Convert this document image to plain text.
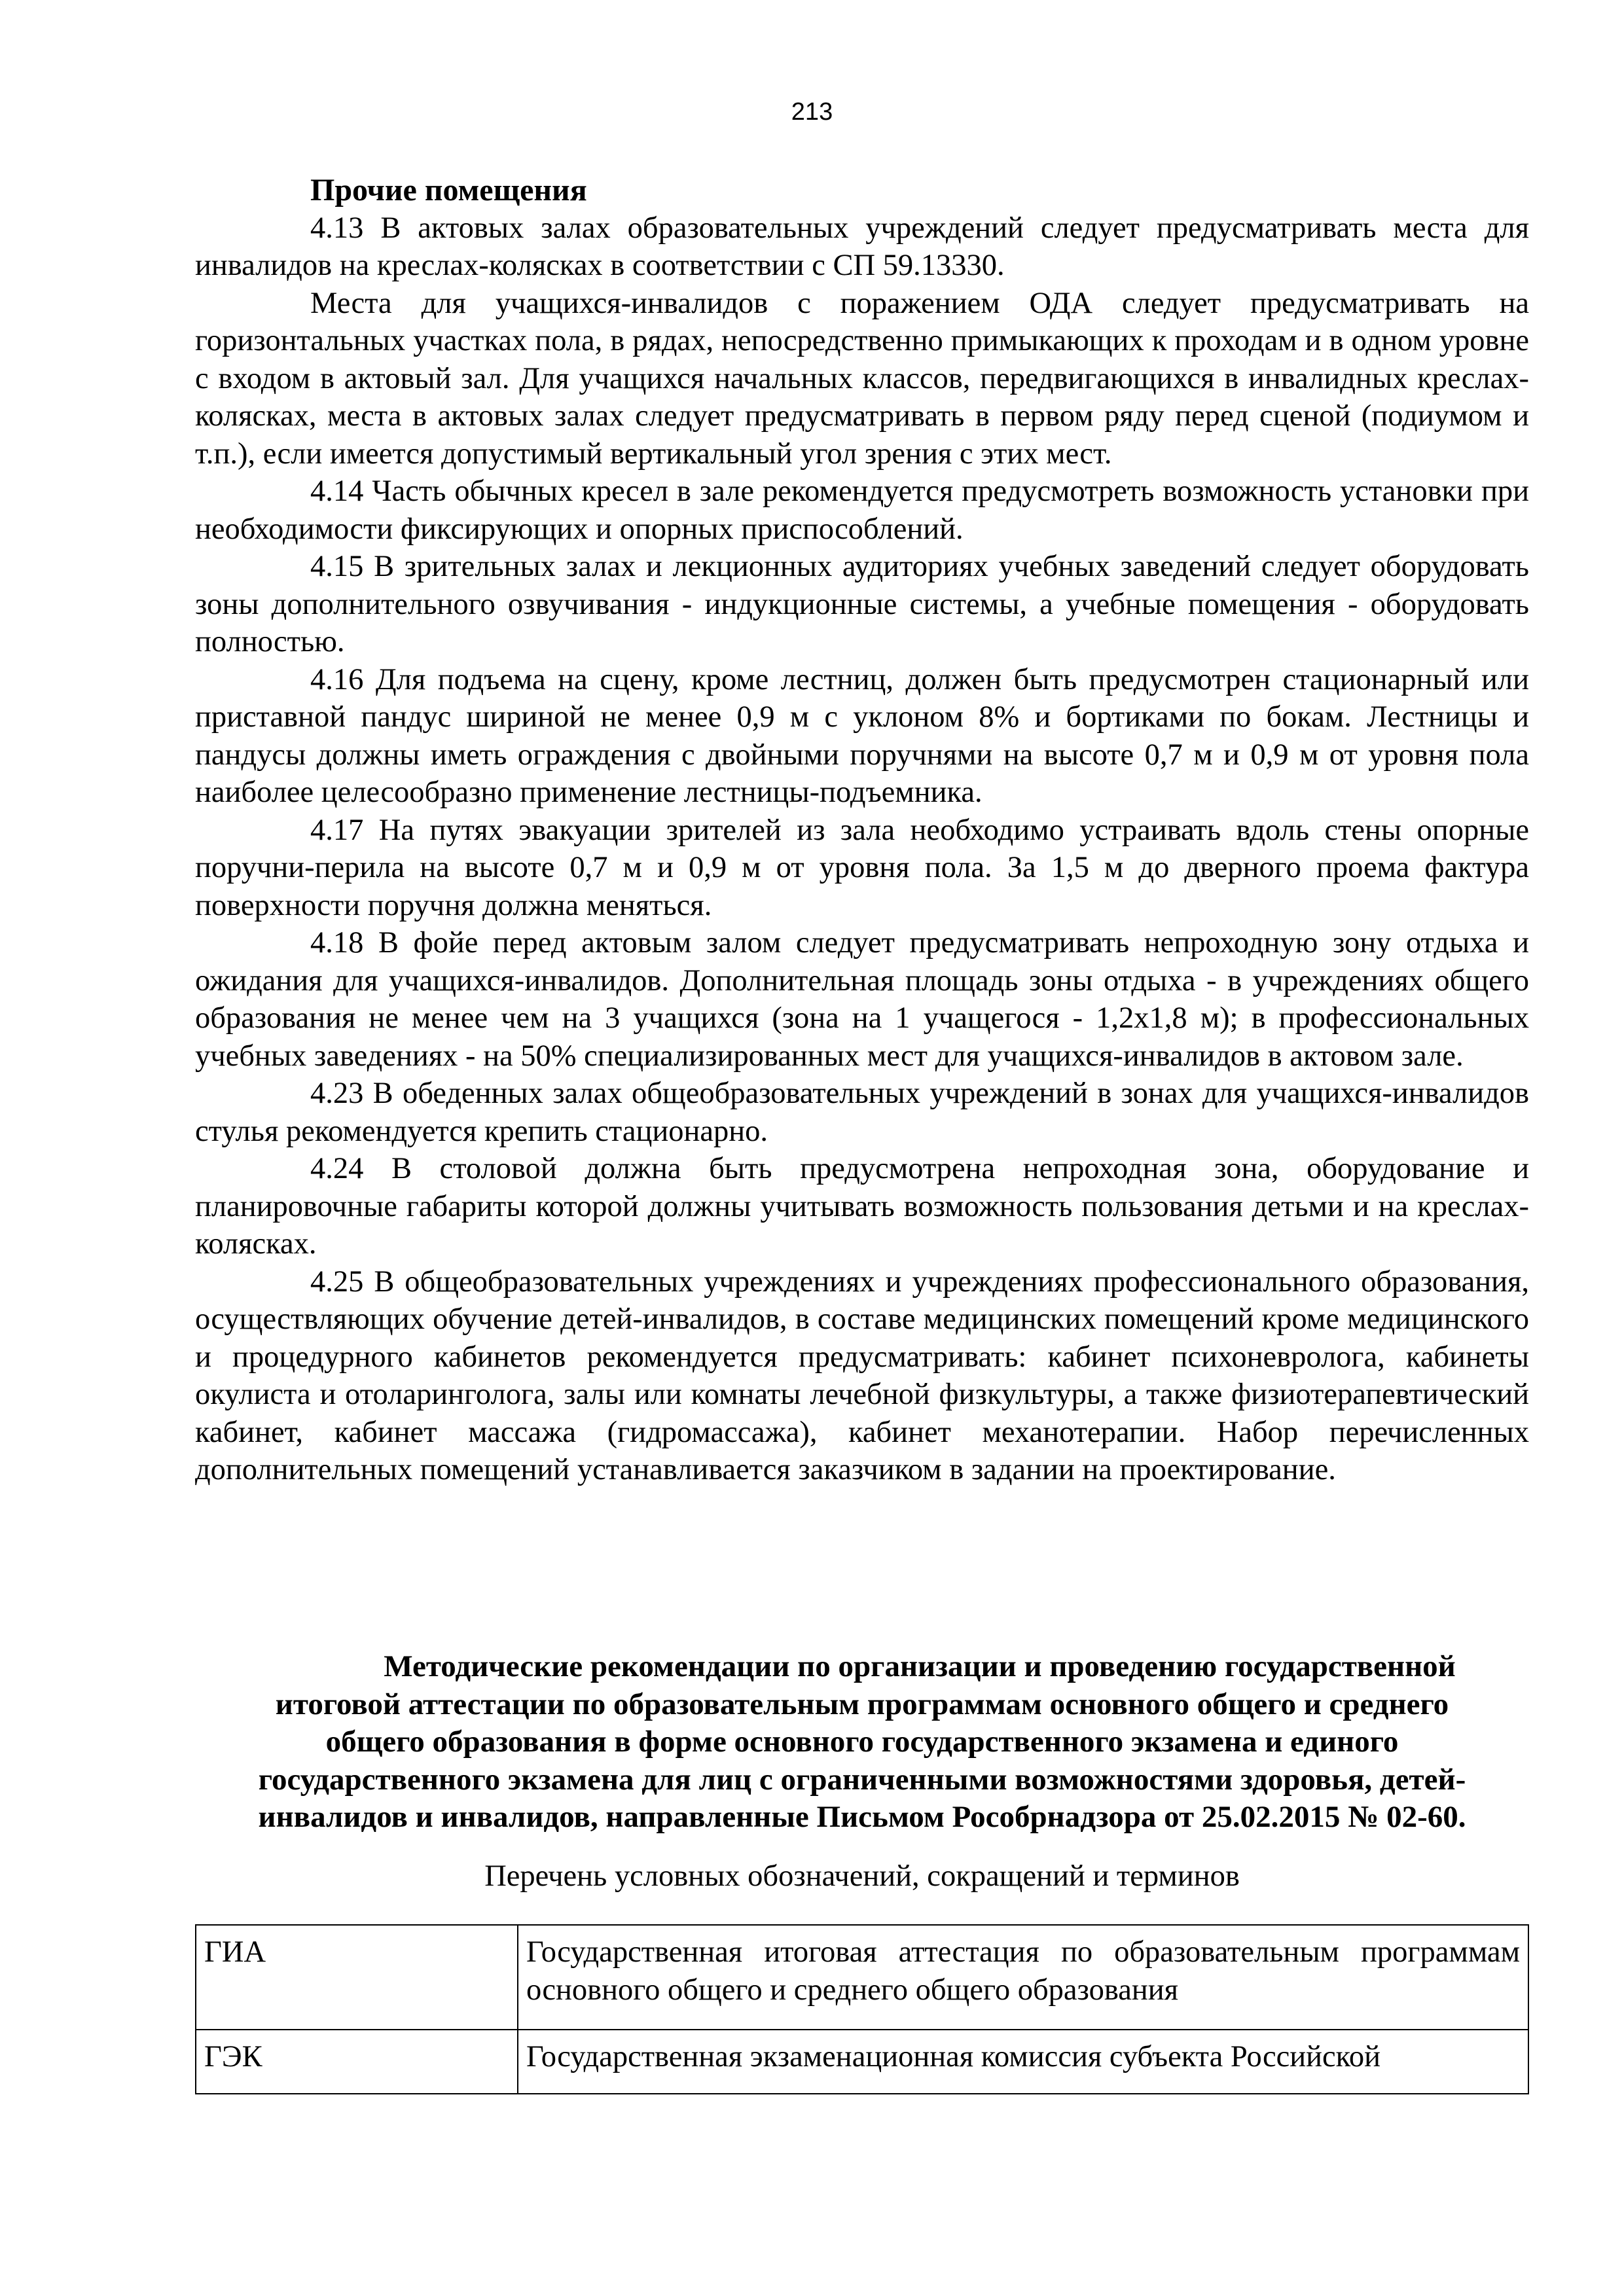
213
Прочие помещения

4.13 В актовых залах образовательных учреждений следует предусматривать места для инвалидов на креслах-колясках в соответствии с СП 59.13330.

Места для учащихся-инвалидов с поражением ОДА следует предусматривать на горизонтальных участках пола, в рядах, непосредственно примыкающих к проходам и в одном уровне с входом в актовый зал. Для учащихся начальных классов, передвигающихся в инвалидных креслах-колясках, места в актовых залах следует предусматривать в первом ряду перед сценой (подиумом и т.п.), если имеется допустимый вертикальный угол зрения с этих мест.

4.14 Часть обычных кресел в зале рекомендуется предусмотреть возможность установки при необходимости фиксирующих и опорных приспособлений.

4.15 В зрительных залах и лекционных аудиториях учебных заведений следует оборудовать зоны дополнительного озвучивания - индукционные системы, а учебные помещения - оборудовать полностью.

4.16 Для подъема на сцену, кроме лестниц, должен быть предусмотрен стационарный или приставной пандус шириной не менее 0,9 м с уклоном 8% и бортиками по бокам. Лестницы и пандусы должны иметь ограждения с двойными поручнями на высоте 0,7 м и 0,9 м от уровня пола наиболее целесообразно применение лестницы-подъемника.

4.17 На путях эвакуации зрителей из зала необходимо устраивать вдоль стены опорные поручни-перила на высоте 0,7 м и 0,9 м от уровня пола. За 1,5 м до дверного проема фактура поверхности поручня должна меняться.

4.18 В фойе перед актовым залом следует предусматривать непроходную зону отдыха и ожидания для учащихся-инвалидов. Дополнительная площадь зоны отдыха - в учреждениях общего образования не менее чем на 3 учащихся (зона на 1 учащегося - 1,2х1,8 м); в профессиональных учебных заведениях - на 50% специализированных мест для учащихся-инвалидов в актовом зале.

4.23 В обеденных залах общеобразовательных учреждений в зонах для учащихся-инвалидов стулья рекомендуется крепить стационарно.

4.24 В столовой должна быть предусмотрена непроходная зона, оборудование и планировочные габариты которой должны учитывать возможность пользования детьми и на креслах-колясках.

4.25 В общеобразовательных учреждениях и учреждениях профессионального образования, осуществляющих обучение детей-инвалидов, в составе медицинских помещений кроме медицинского и процедурного кабинетов рекомендуется предусматривать: кабинет психоневролога, кабинеты окулиста и отоларинголога, залы или комнаты лечебной физкультуры, а также физиотерапевтический кабинет, кабинет массажа (гидромассажа), кабинет механотерапии. Набор перечисленных дополнительных помещений устанавливается заказчиком в задании на проектирование.

Методические рекомендации по организации и проведению государственной
итоговой аттестации по образовательным программам основного общего и среднего
общего образования в форме основного государственного экзамена и единого
государственного экзамена для лиц с ограниченными возможностями здоровья, детей-
инвалидов и инвалидов, направленные Письмом Рособрнадзора от 25.02.2015 № 02-60.
Перечень условных обозначений, сокращений и терминов
ГИА	Государственная итоговая аттестация по образовательным программам основного общего и среднего общего образования
ГЭК	Государственная экзаменационная комиссия субъекта Российской
